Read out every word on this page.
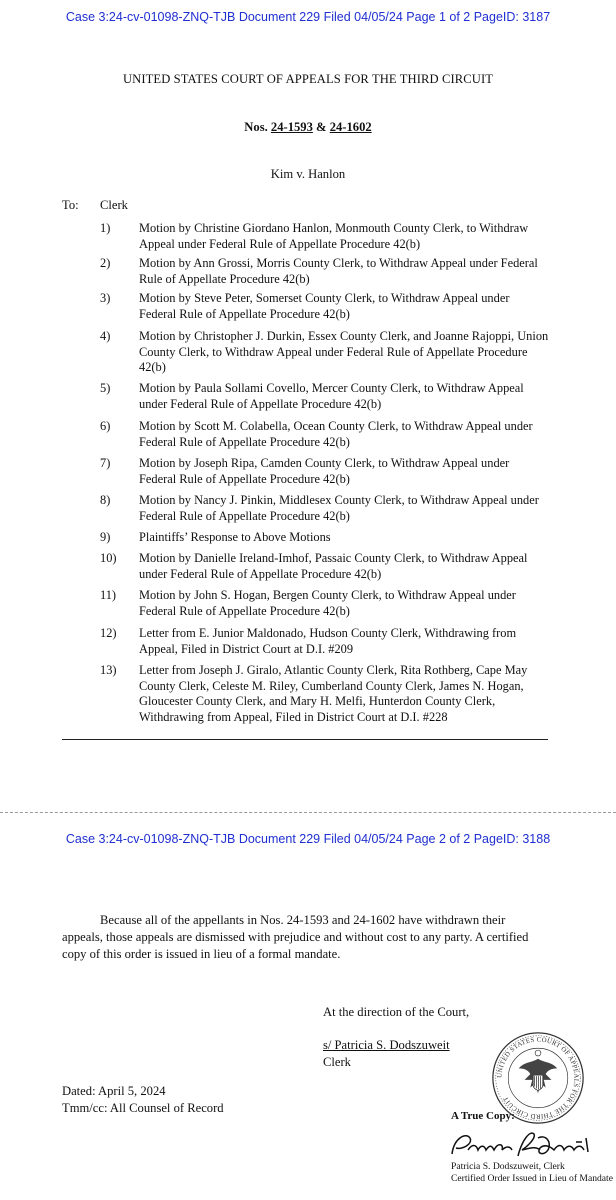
Case 3:24-cv-01098-ZNQ-TJB Document 229 Filed 04/05/24 Page 1 of 2 PageID: 3187
UNITED STATES COURT OF APPEALS FOR THE THIRD CIRCUIT
Nos. 24-1593 & 24-1602
Kim v. Hanlon
To: Clerk
1) Motion by Christine Giordano Hanlon, Monmouth County Clerk, to Withdraw Appeal under Federal Rule of Appellate Procedure 42(b)
2) Motion by Ann Grossi, Morris County Clerk, to Withdraw Appeal under Federal Rule of Appellate Procedure 42(b)
3) Motion by Steve Peter, Somerset County Clerk, to Withdraw Appeal under Federal Rule of Appellate Procedure 42(b)
4) Motion by Christopher J. Durkin, Essex County Clerk, and Joanne Rajoppi, Union County Clerk, to Withdraw Appeal under Federal Rule of Appellate Procedure 42(b)
5) Motion by Paula Sollami Covello, Mercer County Clerk, to Withdraw Appeal under Federal Rule of Appellate Procedure 42(b)
6) Motion by Scott M. Colabella, Ocean County Clerk, to Withdraw Appeal under Federal Rule of Appellate Procedure 42(b)
7) Motion by Joseph Ripa, Camden County Clerk, to Withdraw Appeal under Federal Rule of Appellate Procedure 42(b)
8) Motion by Nancy J. Pinkin, Middlesex County Clerk, to Withdraw Appeal under Federal Rule of Appellate Procedure 42(b)
9) Plaintiffs’ Response to Above Motions
10) Motion by Danielle Ireland-Imhof, Passaic County Clerk, to Withdraw Appeal under Federal Rule of Appellate Procedure 42(b)
11) Motion by John S. Hogan, Bergen County Clerk, to Withdraw Appeal under Federal Rule of Appellate Procedure 42(b)
12) Letter from E. Junior Maldonado, Hudson County Clerk, Withdrawing from Appeal, Filed in District Court at D.I. #209
13) Letter from Joseph J. Giralo, Atlantic County Clerk, Rita Rothberg, Cape May County Clerk, Celeste M. Riley, Cumberland County Clerk, James N. Hogan, Gloucester County Clerk, and Mary H. Melfi, Hunterdon County Clerk, Withdrawing from Appeal, Filed in District Court at D.I. #228
Case 3:24-cv-01098-ZNQ-TJB Document 229 Filed 04/05/24 Page 2 of 2 PageID: 3188
Because all of the appellants in Nos. 24-1593 and 24-1602 have withdrawn their appeals, those appeals are dismissed with prejudice and without cost to any party. A certified copy of this order is issued in lieu of a formal mandate.
At the direction of the Court,
s/ Patricia S. Dodszuweit
Clerk
Dated: April 5, 2024
Tmm/cc: All Counsel of Record
UNITED STATES COURT OF APPEALS FOR THE THIRD CIRCUIT
A True Copy:
Patricia S. Dodszuweit, Clerk
Certified Order Issued in Lieu of Mandate
